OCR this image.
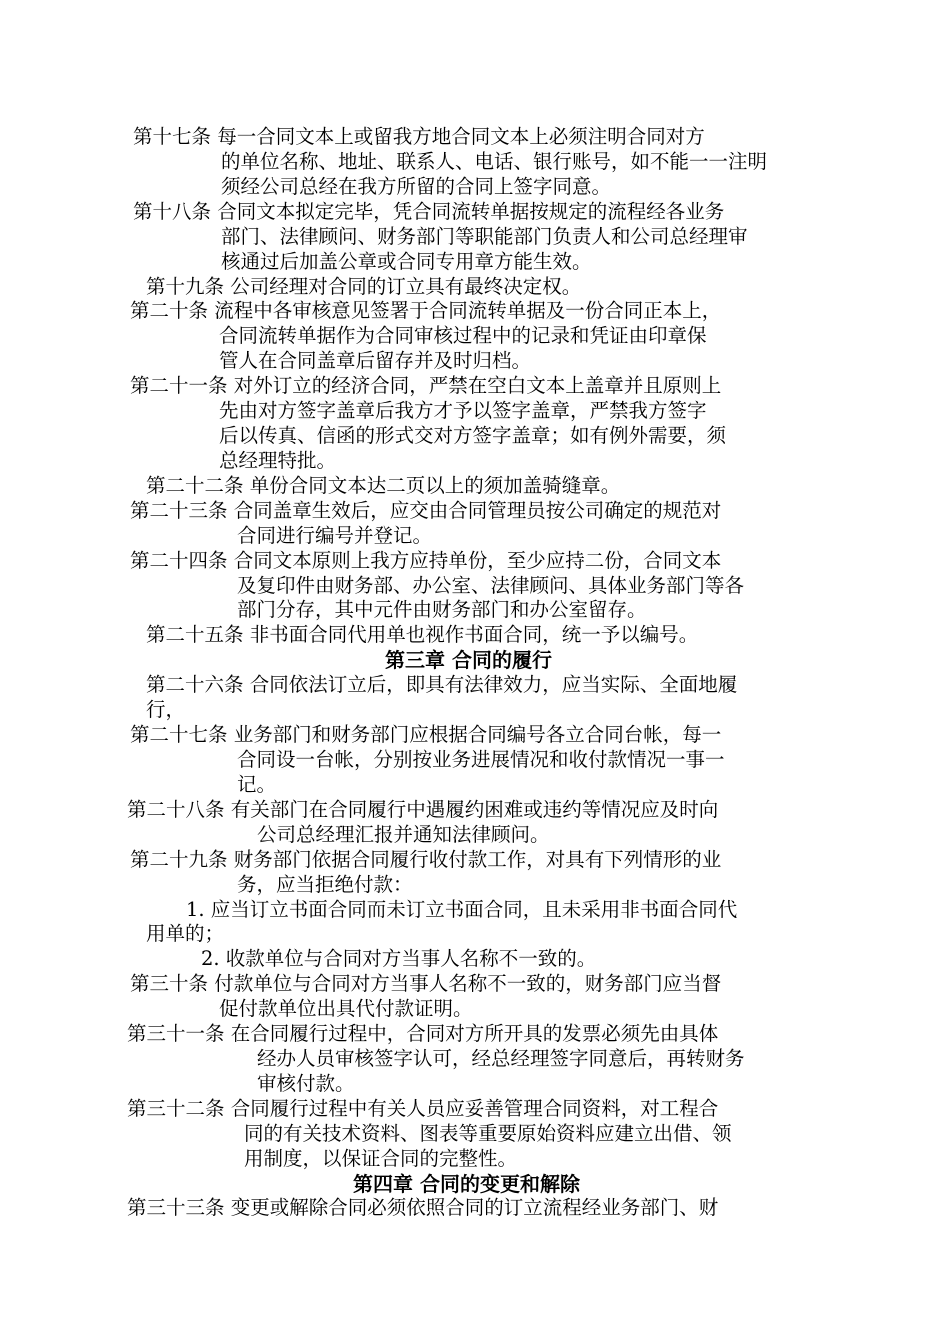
第十七条 每一合同文本上或留我方地合同文本上必须注明合同对方
的单位名称、地址、联系人、电话、银行账号，如不能一一注明
须经公司总经在我方所留的合同上签字同意。
第十八条 合同文本拟定完毕，凭合同流转单据按规定的流程经各业务
部门、法律顾问、财务部门等职能部门负责人和公司总经理审
核通过后加盖公章或合同专用章方能生效。
第十九条 公司经理对合同的订立具有最终决定权。
第二十条 流程中各审核意见签署于合同流转单据及一份合同正本上，
合同流转单据作为合同审核过程中的记录和凭证由印章保
管人在合同盖章后留存并及时归档。
第二十一条 对外订立的经济合同，严禁在空白文本上盖章并且原则上
先由对方签字盖章后我方才予以签字盖章，严禁我方签字
后以传真、信函的形式交对方签字盖章；如有例外需要，须
总经理特批。
第二十二条 单份合同文本达二页以上的须加盖骑缝章。
第二十三条 合同盖章生效后，应交由合同管理员按公司确定的规范对
合同进行编号并登记。
第二十四条 合同文本原则上我方应持单份，至少应持二份，合同文本
及复印件由财务部、办公室、法律顾问、具体业务部门等各
部门分存，其中元件由财务部门和办公室留存。
第二十五条 非书面合同代用单也视作书面合同，统一予以编号。
第二十六条 合同依法订立后，即具有法律效力，应当实际、全面地履
行，
第二十七条 业务部门和财务部门应根据合同编号各立合同台帐，每一
合同设一台帐，分别按业务进展情况和收付款情况一事一
记。
第二十八条 有关部门在合同履行中遇履约困难或违约等情况应及时向
公司总经理汇报并通知法律顾问。
第二十九条 财务部门依据合同履行收付款工作，对具有下列情形的业
务，应当拒绝付款：
1. 应当订立书面合同而未订立书面合同，且未采用非书面合同代
用单的；
2. 收款单位与合同对方当事人名称不一致的。
第三十条 付款单位与合同对方当事人名称不一致的，财务部门应当督
促付款单位出具代付款证明。
第三十一条 在合同履行过程中，合同对方所开具的发票必须先由具体
经办人员审核签字认可，经总经理签字同意后，再转财务
审核付款。
第三十二条 合同履行过程中有关人员应妥善管理合同资料，对工程合
同的有关技术资料、图表等重要原始资料应建立出借、领
用制度，以保证合同的完整性。
第三十三条 变更或解除合同必须依照合同的订立流程经业务部门、财
第三章 合同的履行
第四章 合同的变更和解除
